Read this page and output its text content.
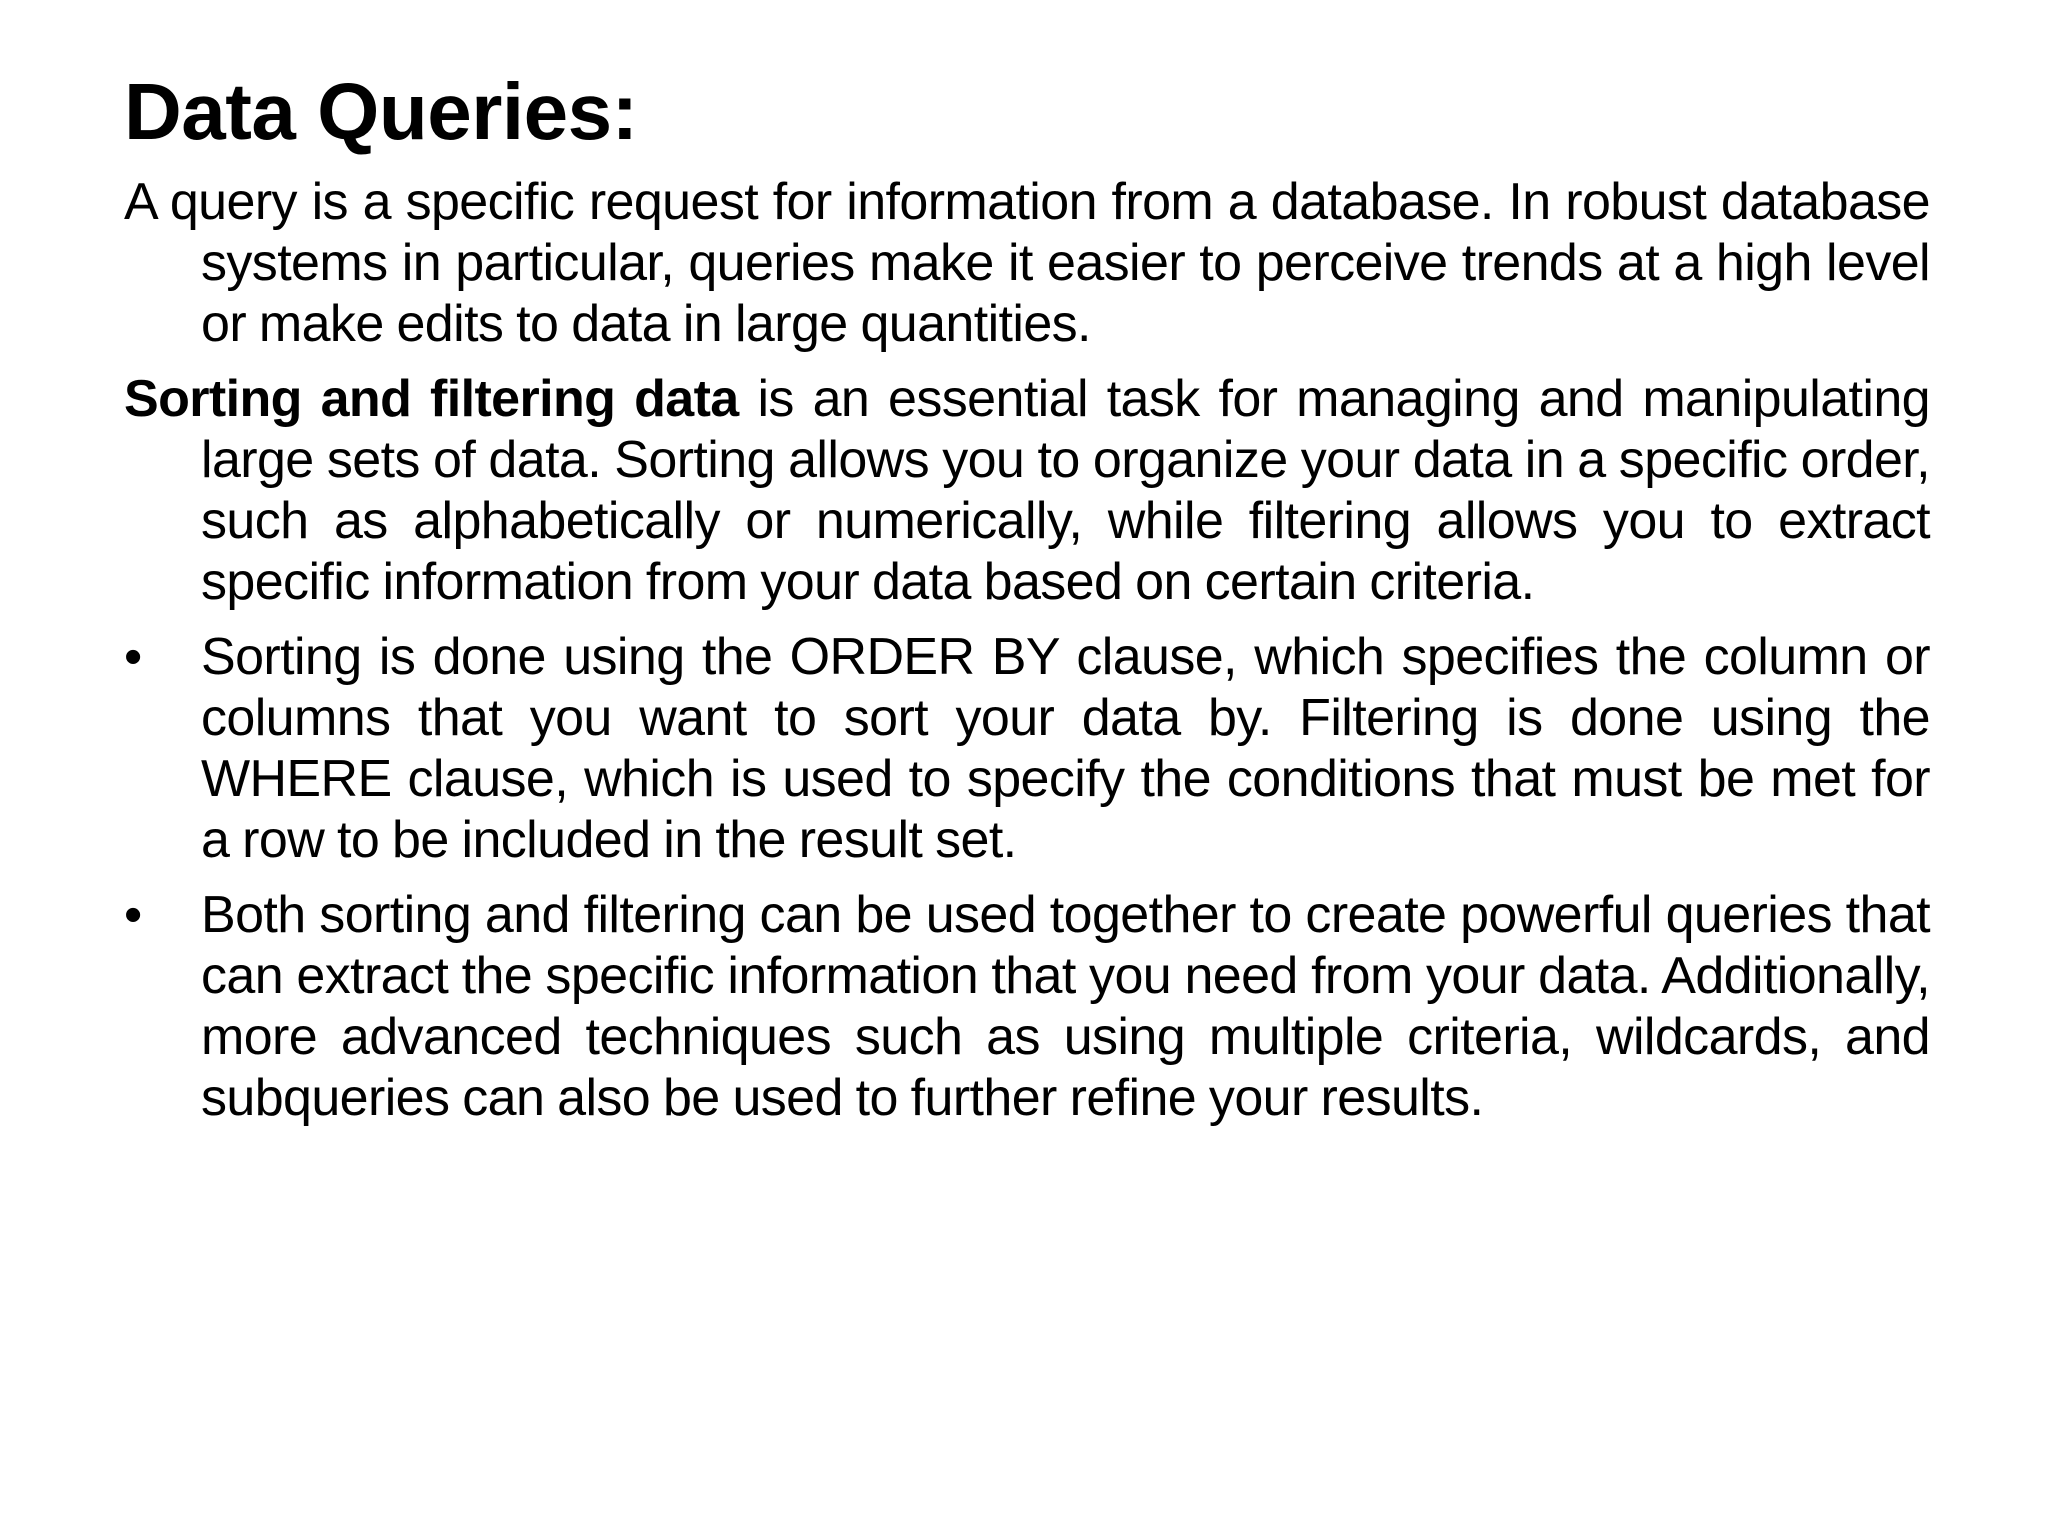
Data Queries:

A query is a specific request for information from a database. In robust database systems in particular, queries make it easier to perceive trends at a high level or make edits to data in large quantities.

Sorting and filtering data is an essential task for managing and manipulating large sets of data. Sorting allows you to organize your data in a specific order, such as alphabetically or numerically, while filtering allows you to extract specific information from your data based on certain criteria.

•	Sorting is done using the ORDER BY clause, which specifies the column or columns that you want to sort your data by. Filtering is done using the WHERE clause, which is used to specify the conditions that must be met for a row to be included in the result set.
•	Both sorting and filtering can be used together to create powerful queries that can extract the specific information that you need from your data. Additionally, more advanced techniques such as using multiple criteria, wildcards, and subqueries can also be used to further refine your results.
